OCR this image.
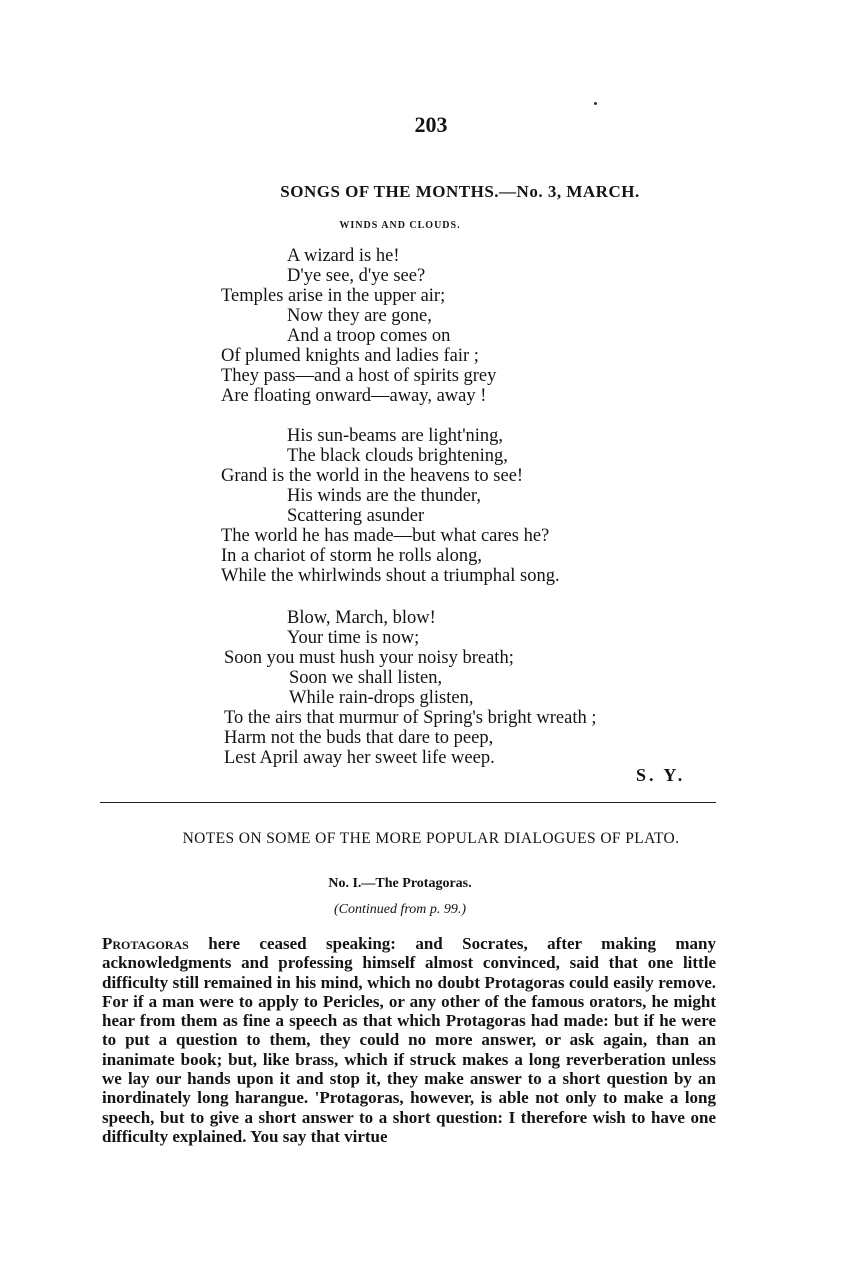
203
SONGS OF THE MONTHS.—No. 3, MARCH.
WINDS AND CLOUDS.
A wizard is he!
D'ye see, d'ye see?
Temples arise in the upper air;
Now they are gone,
And a troop comes on
Of plumed knights and ladies fair ;
They pass—and a host of spirits grey
Are floating onward—away, away !
His sun-beams are light'ning,
The black clouds brightening,
Grand is the world in the heavens to see!
His winds are the thunder,
Scattering asunder
The world he has made—but what cares he?
In a chariot of storm he rolls along,
While the whirlwinds shout a triumphal song.
Blow, March, blow!
Your time is now;
Soon you must hush your noisy breath;
Soon we shall listen,
While rain-drops glisten,
To the airs that murmur of Spring's bright wreath ;
Harm not the buds that dare to peep,
Lest April away her sweet life weep.
S. Y.
NOTES ON SOME OF THE MORE POPULAR DIALOGUES OF PLATO.
No. I.—The Protagoras.
(Continued from p. 99.)
Protagoras here ceased speaking: and Socrates, after making many acknowledgments and professing himself almost convinced, said that one little difficulty still remained in his mind, which no doubt Protagoras could easily remove. For if a man were to apply to Pericles, or any other of the famous orators, he might hear from them as fine a speech as that which Protagoras had made: but if he were to put a question to them, they could no more answer, or ask again, than an inanimate book; but, like brass, which if struck makes a long reverberation unless we lay our hands upon it and stop it, they make answer to a short question by an inordinately long harangue. 'Protagoras, however, is able not only to make a long speech, but to give a short answer to a short question: I therefore wish to have one difficulty explained. You say that virtue
